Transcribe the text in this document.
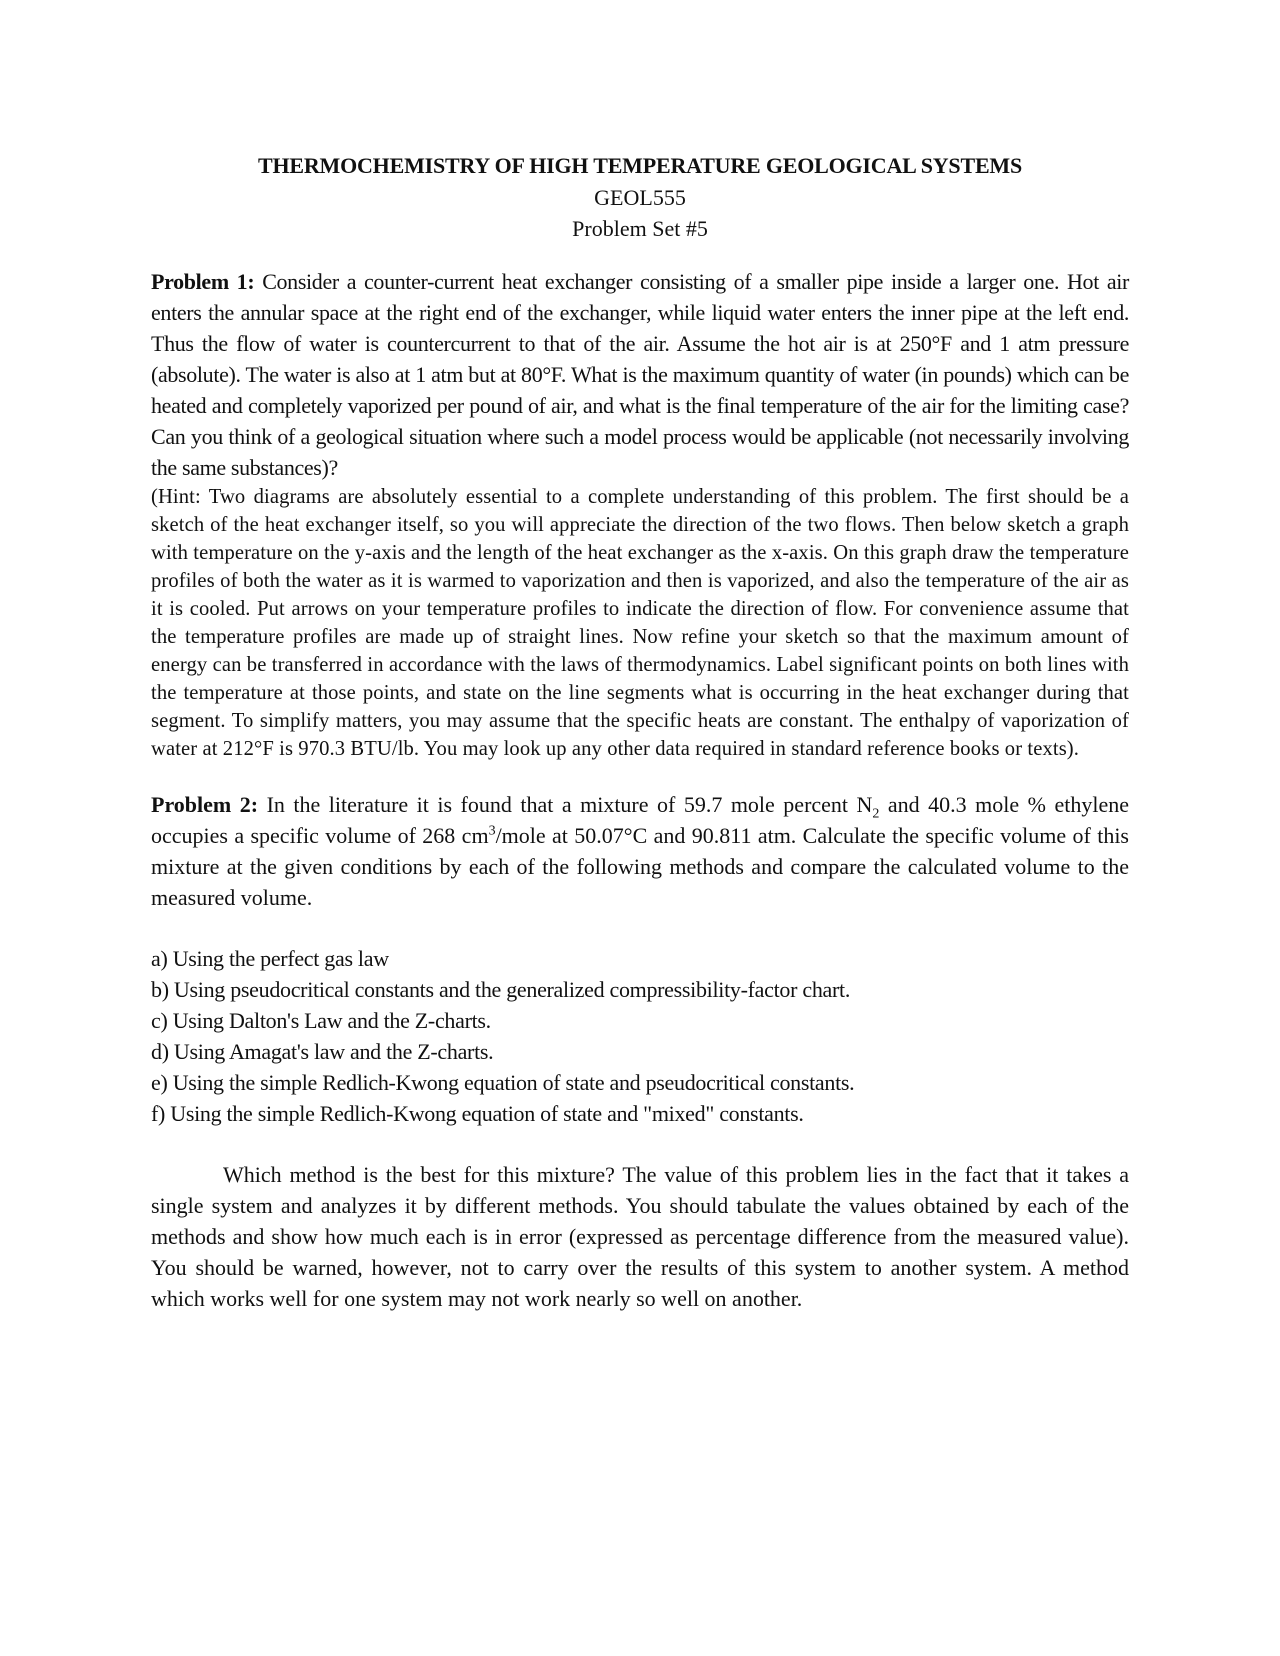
THERMOCHEMISTRY OF HIGH TEMPERATURE GEOLOGICAL SYSTEMS
GEOL555
Problem Set #5

Problem 1: Consider a counter-current heat exchanger consisting of a smaller pipe inside a larger one. Hot air enters the annular space at the right end of the exchanger, while liquid water enters the inner pipe at the left end. Thus the flow of water is countercurrent to that of the air. Assume the hot air is at 250°F and 1 atm pressure (absolute). The water is also at 1 atm but at 80°F. What is the maximum quantity of water (in pounds) which can be heated and completely vaporized per pound of air, and what is the final temperature of the air for the limiting case? Can you think of a geological situation where such a model process would be applicable (not necessarily involving the same substances)?

(Hint: Two diagrams are absolutely essential to a complete understanding of this problem. The first should be a sketch of the heat exchanger itself, so you will appreciate the direction of the two flows. Then below sketch a graph with temperature on the y-axis and the length of the heat exchanger as the x-axis. On this graph draw the temperature profiles of both the water as it is warmed to vaporization and then is vaporized, and also the temperature of the air as it is cooled. Put arrows on your temperature profiles to indicate the direction of flow. For convenience assume that the temperature profiles are made up of straight lines. Now refine your sketch so that the maximum amount of energy can be transferred in accordance with the laws of thermodynamics. Label significant points on both lines with the temperature at those points, and state on the line segments what is occurring in the heat exchanger during that segment. To simplify matters, you may assume that the specific heats are constant. The enthalpy of vaporization of water at 212°F is 970.3 BTU/lb. You may look up any other data required in standard reference books or texts).

Problem 2: In the literature it is found that a mixture of 59.7 mole percent $N_2$ and 40.3 mole % ethylene occupies a specific volume of 268 $cm^3$/mole at 50.07°C and 90.811 atm. Calculate the specific volume of this mixture at the given conditions by each of the following methods and compare the calculated volume to the measured volume.

a) Using the perfect gas law
b) Using pseudocritical constants and the generalized compressibility-factor chart.
c) Using Dalton's Law and the Z-charts.
d) Using Amagat's law and the Z-charts.
e) Using the simple Redlich-Kwong equation of state and pseudocritical constants.
f) Using the simple Redlich-Kwong equation of state and "mixed" constants.

Which method is the best for this mixture? The value of this problem lies in the fact that it takes a single system and analyzes it by different methods. You should tabulate the values obtained by each of the methods and show how much each is in error (expressed as percentage difference from the measured value). You should be warned, however, not to carry over the results of this system to another system. A method which works well for one system may not work nearly so well on another.
